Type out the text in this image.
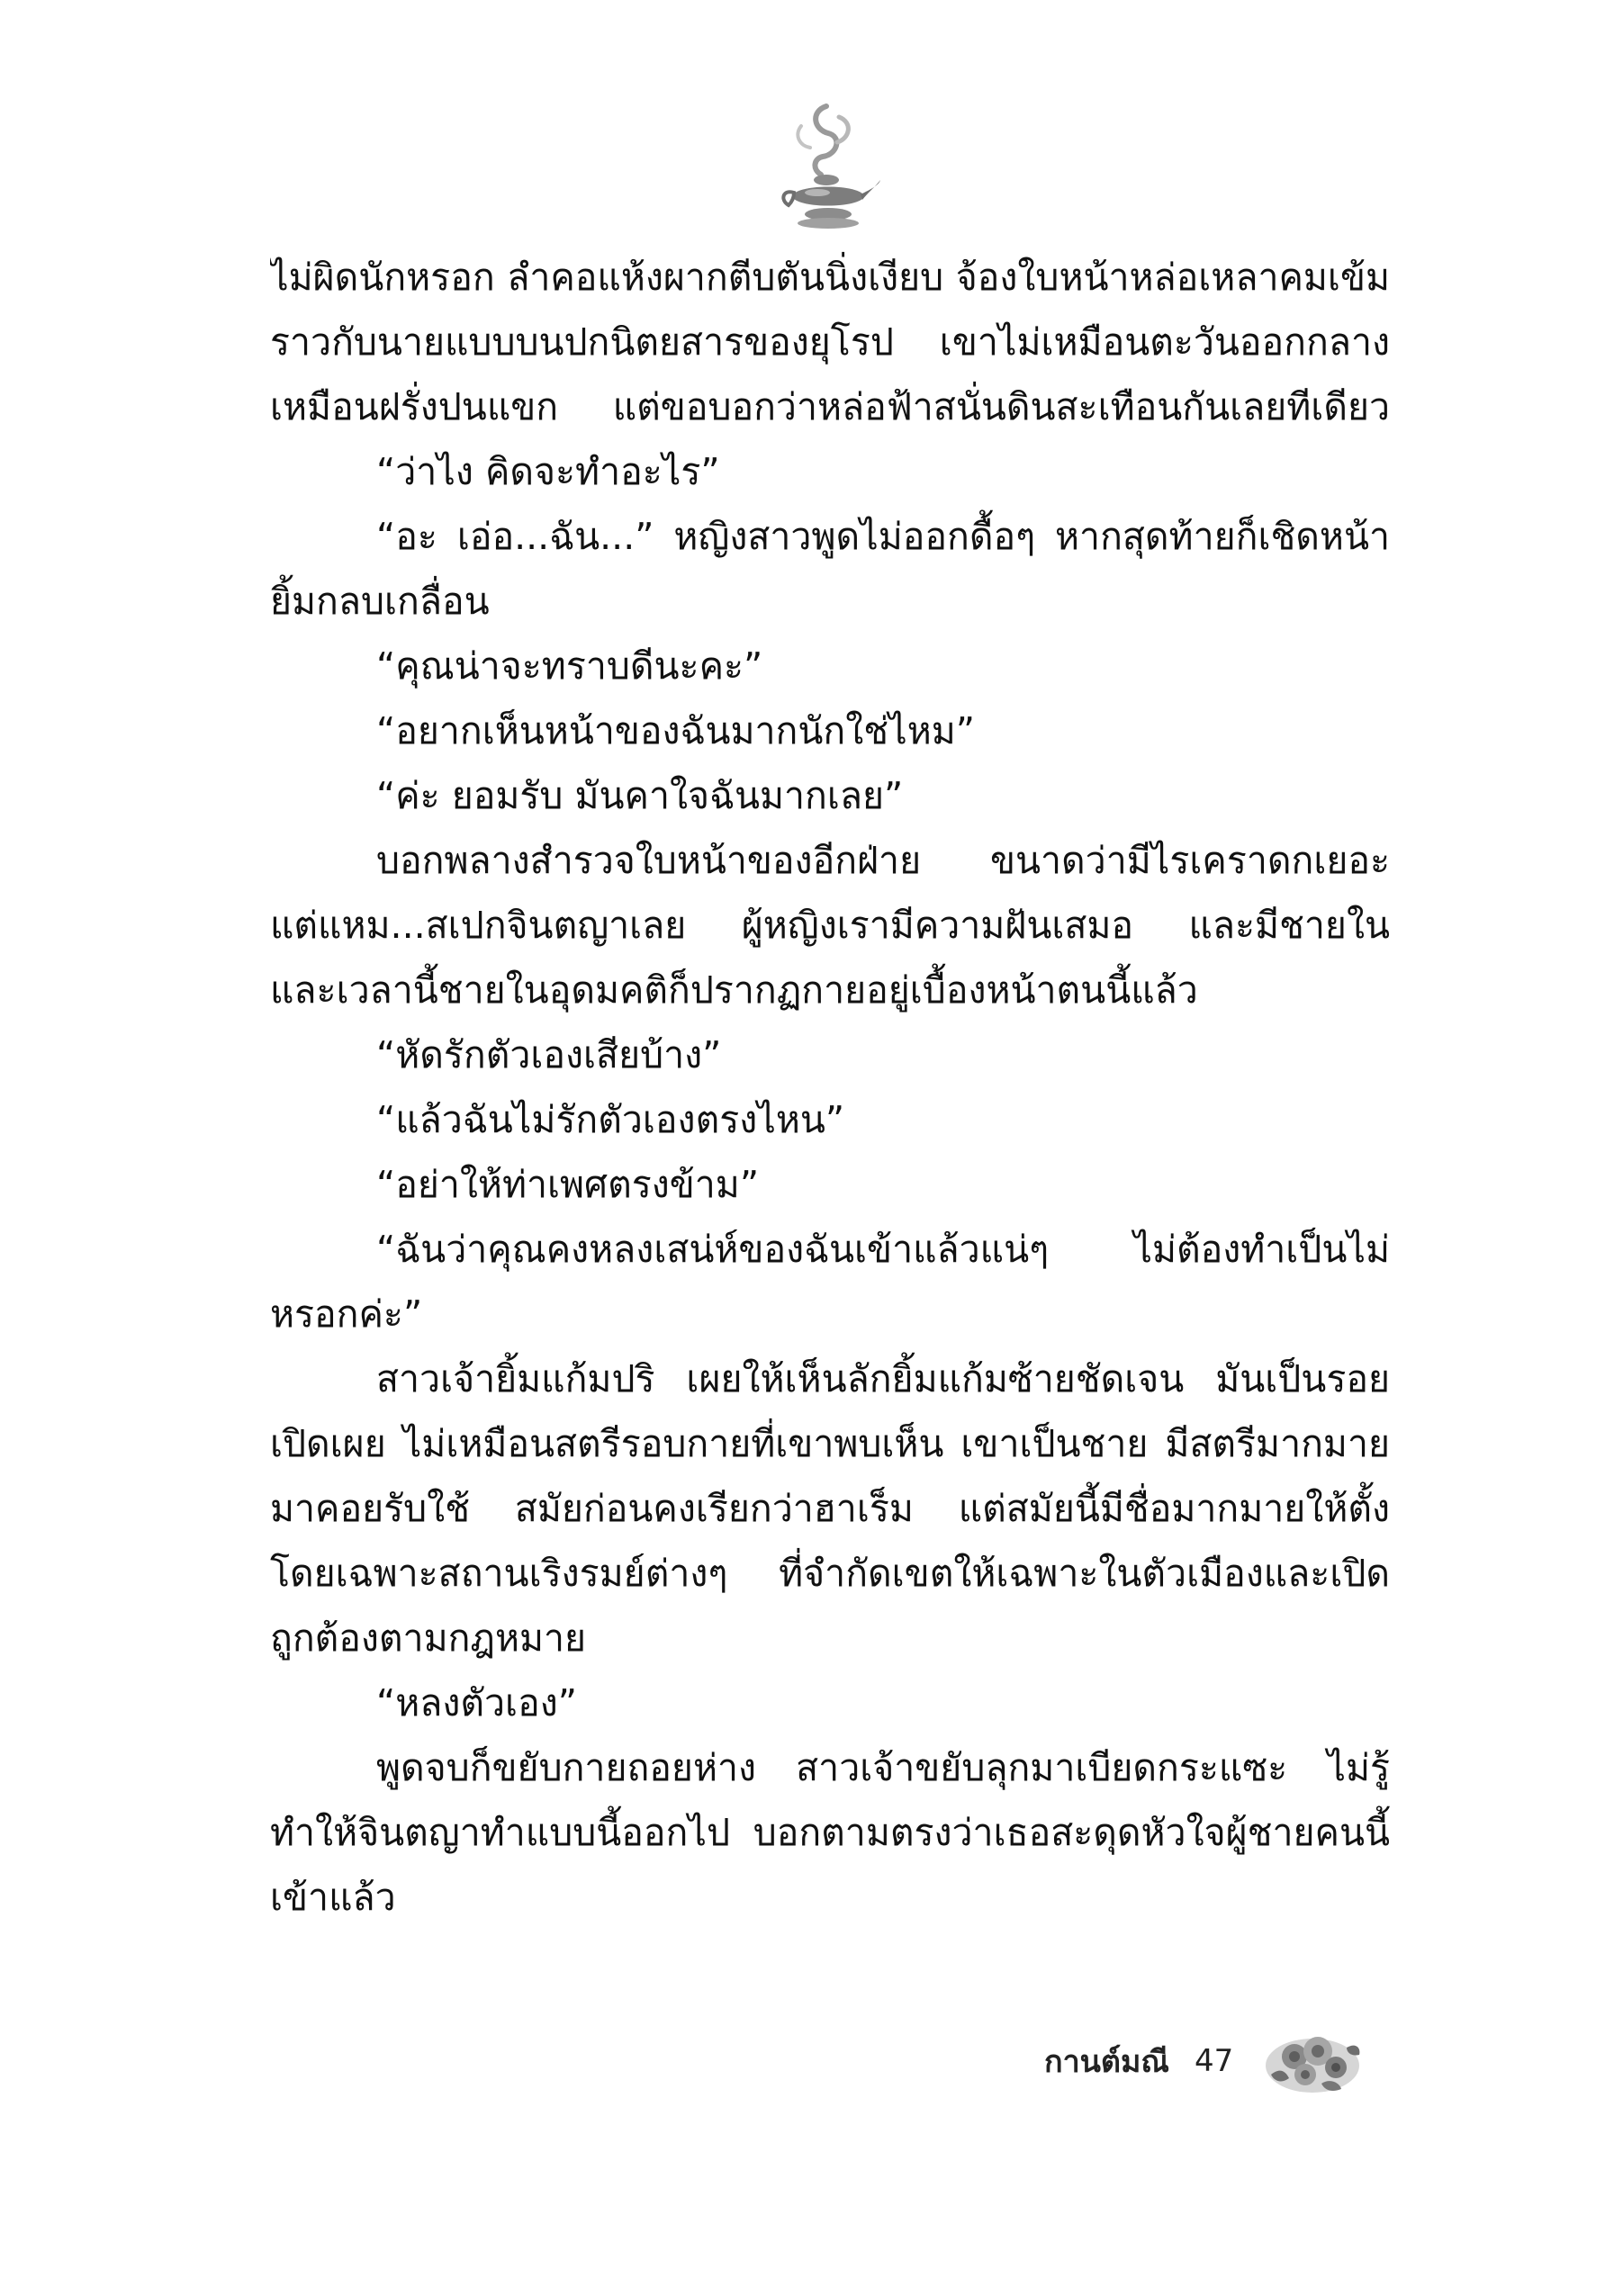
ไม่ผิดนักหรอก ลำคอแห้งผากตีบตันนิ่งเงียบ จ้องใบหน้าหล่อเหลาคมเข้ม
ราวกับนายแบบบนปกนิตยสารของยุโรป เขาไม่เหมือนตะวันออกกลาง
เหมือนฝรั่งปนแขก แต่ขอบอกว่าหล่อฟ้าสนั่นดินสะเทือนกันเลยทีเดียว
“ว่าไง คิดจะทำอะไร”
“อะ เอ่อ...ฉัน...” หญิงสาวพูดไม่ออกดื้อๆ หากสุดท้ายก็เชิดหน้า
ยิ้มกลบเกลื่อน
“คุณน่าจะทราบดีนะคะ”
“อยากเห็นหน้าของฉันมากนักใช่ไหม”
“ค่ะ ยอมรับ มันคาใจฉันมากเลย”
บอกพลางสำรวจใบหน้าของอีกฝ่าย ขนาดว่ามีไรเคราดกเยอะ
แต่แหม...สเปกจินตญาเลย ผู้หญิงเรามีความฝันเสมอ และมีชายใน
และเวลานี้ชายในอุดมคติก็ปรากฏกายอยู่เบื้องหน้าตนนี้แล้ว
“หัดรักตัวเองเสียบ้าง”
“แล้วฉันไม่รักตัวเองตรงไหน”
“อย่าให้ท่าเพศตรงข้าม”
“ฉันว่าคุณคงหลงเสน่ห์ของฉันเข้าแล้วแน่ๆ ไม่ต้องทำเป็นไม่
หรอกค่ะ”
สาวเจ้ายิ้มแก้มปริ เผยให้เห็นลักยิ้มแก้มซ้ายชัดเจน มันเป็นรอย
เปิดเผย ไม่เหมือนสตรีรอบกายที่เขาพบเห็น เขาเป็นชาย มีสตรีมากมาย
มาคอยรับใช้ สมัยก่อนคงเรียกว่าฮาเร็ม แต่สมัยนี้มีชื่อมากมายให้ตั้ง
โดยเฉพาะสถานเริงรมย์ต่างๆ ที่จำกัดเขตให้เฉพาะในตัวเมืองและเปิด
ถูกต้องตามกฎหมาย
“หลงตัวเอง”
พูดจบก็ขยับกายถอยห่าง สาวเจ้าขยับลุกมาเบียดกระแซะ ไม่รู้
ทำให้จินตญาทำแบบนี้ออกไป บอกตามตรงว่าเธอสะดุดหัวใจผู้ชายคนนี้
เข้าแล้ว
กานต์มณี 47
